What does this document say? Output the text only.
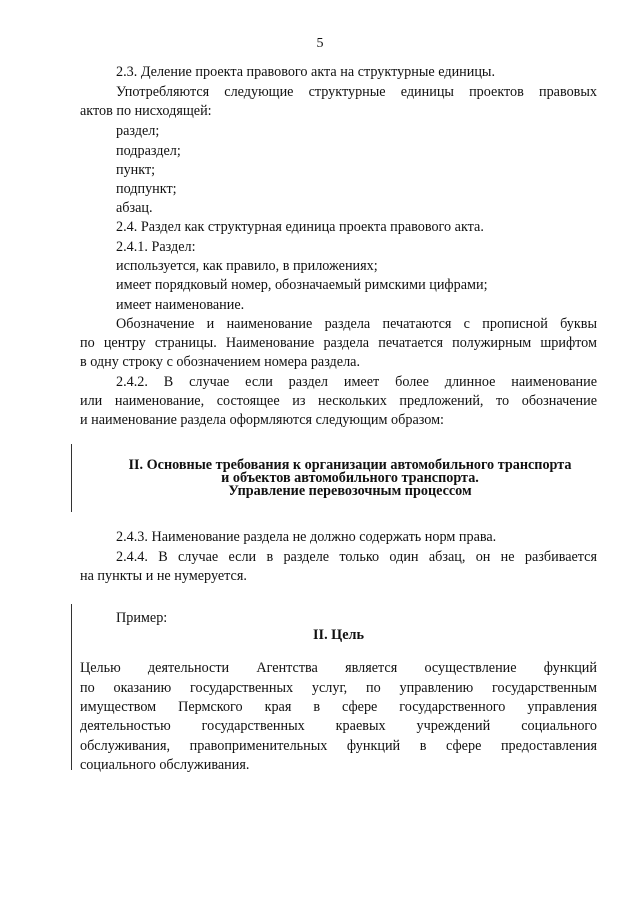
5
2.3. Деление проекта правового акта на структурные единицы.
Употребляются следующие структурные единицы проектов правовых
актов по нисходящей:
раздел;
подраздел;
пункт;
подпункт;
абзац.
2.4. Раздел как структурная единица проекта правового акта.
2.4.1. Раздел:
используется, как правило, в приложениях;
имеет порядковый номер, обозначаемый римскими цифрами;
имеет наименование.
Обозначение и наименование раздела печатаются с прописной буквы
по центру страницы. Наименование раздела печатается полужирным шрифтом
в одну строку с обозначением номера раздела.
2.4.2. В случае если раздел имеет более длинное наименование
или наименование, состоящее из нескольких предложений, то обозначение
и наименование раздела оформляются следующим образом:
II. Основные требования к организации автомобильного транспорта
и объектов автомобильного транспорта.
Управление перевозочным процессом
2.4.3. Наименование раздела не должно содержать норм права.
2.4.4. В случае если в разделе только один абзац, он не разбивается
на пункты и не нумеруется.
Пример:
II. Цель
Целью деятельности Агентства является осуществление функций
по оказанию государственных услуг, по управлению государственным
имуществом Пермского края в сфере государственного управления
деятельностью государственных краевых учреждений социального
обслуживания, правоприменительных функций в сфере предоставления
социального обслуживания.
